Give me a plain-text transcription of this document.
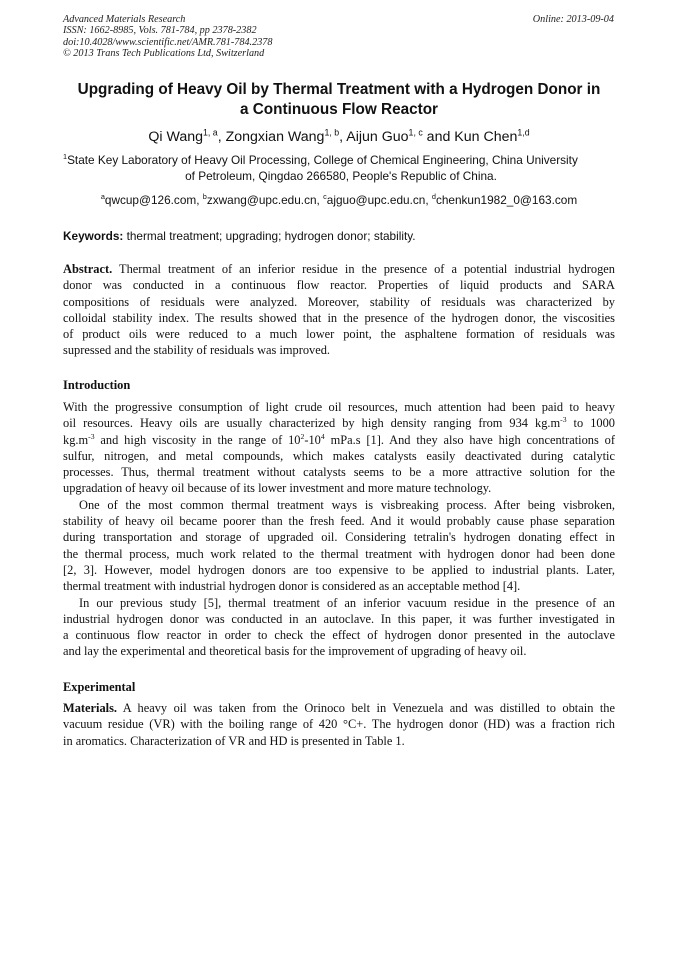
Advanced Materials Research
ISSN: 1662-8985, Vols. 781-784, pp 2378-2382
doi:10.4028/www.scientific.net/AMR.781-784.2378
© 2013 Trans Tech Publications Ltd, Switzerland
Online: 2013-09-04
Upgrading of Heavy Oil by Thermal Treatment with a Hydrogen Donor in
a Continuous Flow Reactor
Qi Wang$^{1, a}$, Zongxian Wang$^{1, b}$, Aijun Guo$^{1, c}$ and Kun Chen$^{1,d}$
$^1$State Key Laboratory of Heavy Oil Processing, College of Chemical Engineering, China University
of Petroleum, Qingdao 266580, People's Republic of China.
$^a$qwcup@126.com, $^b$zxwang@upc.edu.cn, $^c$ajguo@upc.edu.cn, $^d$chenkun1982_0@163.com
Keywords: thermal treatment; upgrading; hydrogen donor; stability.
Abstract. Thermal treatment of an inferior residue in the presence of a potential industrial hydrogen
donor was conducted in a continuous flow reactor. Properties of liquid products and SARA
compositions of residuals were analyzed. Moreover, stability of residuals was characterized by
colloidal stability index. The results showed that in the presence of the hydrogen donor, the viscosities
of product oils were reduced to a much lower point, the asphaltene formation of residuals was
supressed and the stability of residuals was improved.
Introduction
With the progressive consumption of light crude oil resources, much attention had been paid to heavy
oil resources. Heavy oils are usually characterized by high density ranging from 934 $kg.m^{-3}$ to 1000
$kg.m^{-3}$ and high viscosity in the range of $10^2-10^4$ mPa.s [1]. And they also have high concentrations of
sulfur, nitrogen, and metal compounds, which makes catalysts easily deactivated during catalytic
processes. Thus, thermal treatment without catalysts seems to be a more attractive solution for the
upgradation of heavy oil because of its lower investment and more mature technology.
One of the most common thermal treatment ways is visbreaking process. After being visbroken,
stability of heavy oil became poorer than the fresh feed. And it would probably cause phase separation
during transportation and storage of upgraded oil. Considering tetralin's hydrogen donating effect in
the thermal process, much work related to the thermal treatment with hydrogen donor had been done
[2, 3]. However, model hydrogen donors are too expensive to be applied to industrial plants. Later,
thermal treatment with industrial hydrogen donor is considered as an acceptable method [4].
In our previous study [5], thermal treatment of an inferior vacuum residue in the presence of an
industrial hydrogen donor was conducted in an autoclave. In this paper, it was further investigated in
a continuous flow reactor in order to check the effect of hydrogen donor presented in the autoclave
and lay the experimental and theoretical basis for the improvement of upgrading of heavy oil.
Experimental
Materials. A heavy oil was taken from the Orinoco belt in Venezuela and was distilled to obtain the
vacuum residue (VR) with the boiling range of 420 °C+. The hydrogen donor (HD) was a fraction rich
in aromatics. Characterization of VR and HD is presented in Table 1.
